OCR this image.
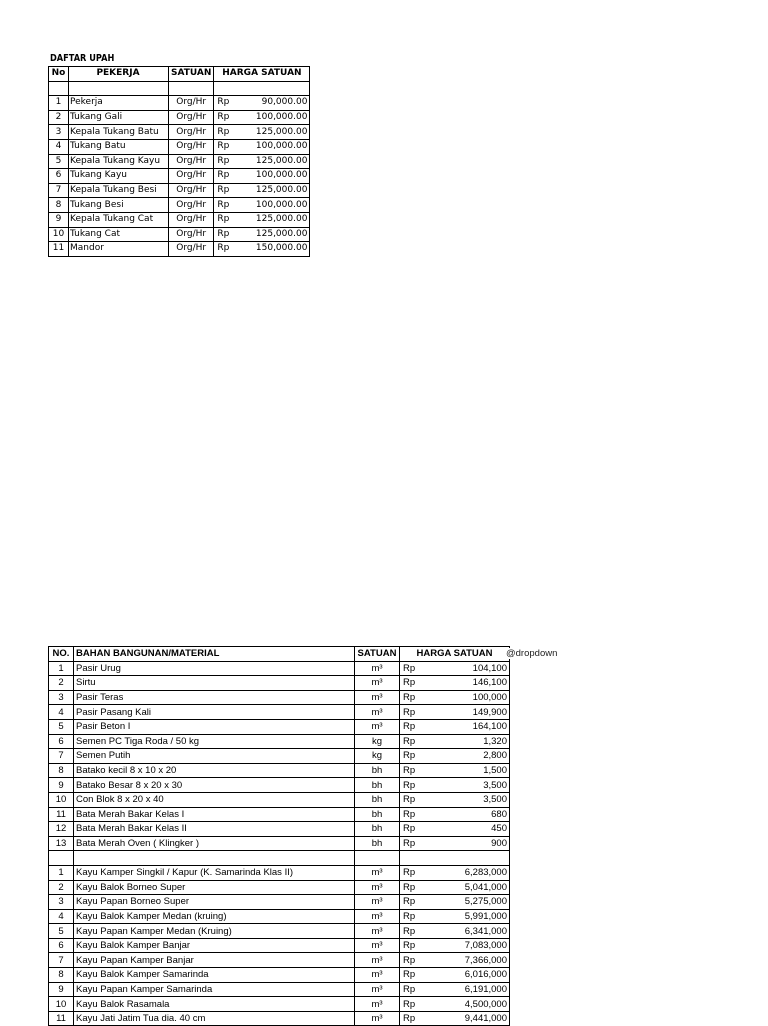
DAFTAR UPAH
No	PEKERJA	SATUAN	HARGA SATUAN	

1	Pekerja	Org/Hr	Rp	90,000.00
2	Tukang Gali	Org/Hr	Rp	100,000.00
3	Kepala Tukang Batu	Org/Hr	Rp	125,000.00
4	Tukang Batu	Org/Hr	Rp	100,000.00
5	Kepala Tukang Kayu	Org/Hr	Rp	125,000.00
6	Tukang Kayu	Org/Hr	Rp	100,000.00
7	Kepala Tukang Besi	Org/Hr	Rp	125,000.00
8	Tukang Besi	Org/Hr	Rp	100,000.00
9	Kepala Tukang Cat	Org/Hr	Rp	125,000.00
10	Tukang Cat	Org/Hr	Rp	125,000.00
11	Mandor	Org/Hr	Rp	150,000.00
NO.	BAHAN BANGUNAN/MATERIAL	SATUAN	HARGA SATUAN	
1	Pasir Urug	m³	Rp	104,100
2	Sirtu	m³	Rp	146,100
3	Pasir Teras	m³	Rp	100,000
4	Pasir Pasang Kali	m³	Rp	149,900
5	Pasir Beton I	m³	Rp	164,100
6	Semen PC Tiga Roda / 50 kg	kg	Rp	1,320
7	Semen Putih	kg	Rp	2,800
8	Batako kecil 8 x 10 x 20	bh	Rp	1,500
9	Batako Besar 8 x 20 x 30	bh	Rp	3,500
10	Con Blok 8 x 20 x 40	bh	Rp	3,500
11	Bata Merah Bakar Kelas I	bh	Rp	680
12	Bata Merah Bakar Kelas II	bh	Rp	450
13	Bata Merah Oven ( Klingker )	bh	Rp	900

1	Kayu Kamper Singkil / Kapur (K. Samarinda Klas II)	m³	Rp	6,283,000
2	Kayu Balok Borneo Super	m³	Rp	5,041,000
3	Kayu Papan Borneo Super	m³	Rp	5,275,000
4	Kayu Balok Kamper Medan (kruing)	m³	Rp	5,991,000
5	Kayu Papan Kamper Medan (Kruing)	m³	Rp	6,341,000
6	Kayu Balok Kamper Banjar	m³	Rp	7,083,000
7	Kayu Papan Kamper Banjar	m³	Rp	7,366,000
8	Kayu Balok Kamper Samarinda	m³	Rp	6,016,000
9	Kayu Papan Kamper Samarinda	m³	Rp	6,191,000
10	Kayu Balok Rasamala	m³	Rp	4,500,000
11	Kayu Jati Jatim Tua dia. 40 cm	m³	Rp	9,441,000
@dropdown
